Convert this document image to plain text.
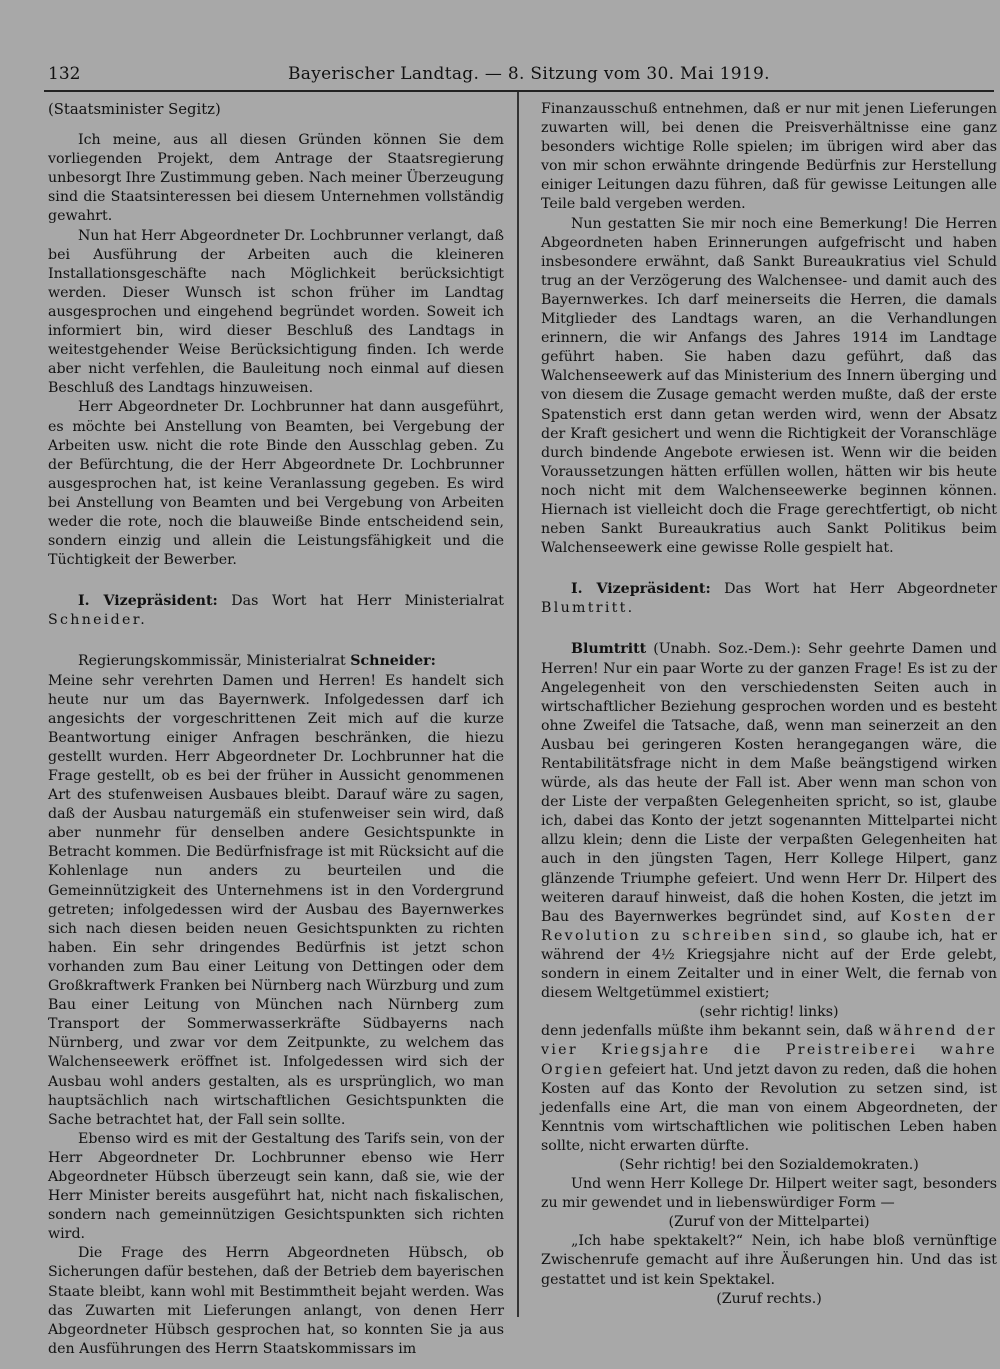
132	Bayerischer Landtag. — 8. Sitzung vom 30. Mai 1919.

(Staatsminister Segitz)

Ich meine, aus all diesen Gründen können Sie dem vorliegenden Projekt, dem Antrage der Staatsregierung unbesorgt Ihre Zustimmung geben. Nach meiner Überzeugung sind die Staatsinteressen bei diesem Unternehmen vollständig gewahrt.

Nun hat Herr Abgeordneter Dr. Lochbrunner verlangt, daß bei Ausführung der Arbeiten auch die kleineren Installationsgeschäfte nach Möglichkeit berücksichtigt werden. Dieser Wunsch ist schon früher im Landtag ausgesprochen und eingehend begründet worden. Soweit ich informiert bin, wird dieser Beschluß des Landtags in weitestgehender Weise Berücksichtigung finden. Ich werde aber nicht verfehlen, die Bauleitung noch einmal auf diesen Beschluß des Landtags hinzuweisen.

Herr Abgeordneter Dr. Lochbrunner hat dann ausgeführt, es möchte bei Anstellung von Beamten, bei Vergebung der Arbeiten usw. nicht die rote Binde den Ausschlag geben. Zu der Befürchtung, die der Herr Abgeordnete Dr. Lochbrunner ausgesprochen hat, ist keine Veranlassung gegeben. Es wird bei Anstellung von Beamten und bei Vergebung von Arbeiten weder die rote, noch die blauweiße Binde entscheidend sein, sondern einzig und allein die Leistungsfähigkeit und die Tüchtigkeit der Bewerber.

I. Vizepräsident: Das Wort hat Herr Ministerialrat Schneider.

Regierungskommissär, Ministerialrat Schneider:

Meine sehr verehrten Damen und Herren! Es handelt sich heute nur um das Bayernwerk. Infolgedessen darf ich angesichts der vorgeschrittenen Zeit mich auf die kurze Beantwortung einiger Anfragen beschränken, die hiezu gestellt wurden. Herr Abgeordneter Dr. Lochbrunner hat die Frage gestellt, ob es bei der früher in Aussicht genommenen Art des stufenweisen Ausbaues bleibt. Darauf wäre zu sagen, daß der Ausbau naturgemäß ein stufenweiser sein wird, daß aber nunmehr für denselben andere Gesichtspunkte in Betracht kommen. Die Bedürfnisfrage ist mit Rücksicht auf die Kohlenlage nun anders zu beurteilen und die Gemeinnützigkeit des Unternehmens ist in den Vordergrund getreten; infolgedessen wird der Ausbau des Bayernwerkes sich nach diesen beiden neuen Gesichtspunkten zu richten haben. Ein sehr dringendes Bedürfnis ist jetzt schon vorhanden zum Bau einer Leitung von Dettingen oder dem Großkraftwerk Franken bei Nürnberg nach Würzburg und zum Bau einer Leitung von München nach Nürnberg zum Transport der Sommerwasserkräfte Südbayerns nach Nürnberg, und zwar vor dem Zeitpunkte, zu welchem das Walchenseewerk eröffnet ist. Infolgedessen wird sich der Ausbau wohl anders gestalten, als es ursprünglich, wo man hauptsächlich nach wirtschaftlichen Gesichtspunkten die Sache betrachtet hat, der Fall sein sollte.

Ebenso wird es mit der Gestaltung des Tarifs sein, von der Herr Abgeordneter Dr. Lochbrunner ebenso wie Herr Abgeordneter Hübsch überzeugt sein kann, daß sie, wie der Herr Minister bereits ausgeführt hat, nicht nach fiskalischen, sondern nach gemeinnützigen Gesichtspunkten sich richten wird.

Die Frage des Herrn Abgeordneten Hübsch, ob Sicherungen dafür bestehen, daß der Betrieb dem bayerischen Staate bleibt, kann wohl mit Bestimmtheit bejaht werden. Was das Zuwarten mit Lieferungen anlangt, von denen Herr Abgeordneter Hübsch gesprochen hat, so konnten Sie ja aus den Ausführungen des Herrn Staatskommissars im

Finanzausschuß entnehmen, daß er nur mit jenen Lieferungen zuwarten will, bei denen die Preisverhältnisse eine ganz besonders wichtige Rolle spielen; im übrigen wird aber das von mir schon erwähnte dringende Bedürfnis zur Herstellung einiger Leitungen dazu führen, daß für gewisse Leitungen alle Teile bald vergeben werden.

Nun gestatten Sie mir noch eine Bemerkung! Die Herren Abgeordneten haben Erinnerungen aufgefrischt und haben insbesondere erwähnt, daß Sankt Bureaukratius viel Schuld trug an der Verzögerung des Walchensee- und damit auch des Bayernwerkes. Ich darf meinerseits die Herren, die damals Mitglieder des Landtags waren, an die Verhandlungen erinnern, die wir Anfangs des Jahres 1914 im Landtage geführt haben. Sie haben dazu geführt, daß das Walchenseewerk auf das Ministerium des Innern überging und von diesem die Zusage gemacht werden mußte, daß der erste Spatenstich erst dann getan werden wird, wenn der Absatz der Kraft gesichert und wenn die Richtigkeit der Voranschläge durch bindende Angebote erwiesen ist. Wenn wir die beiden Voraussetzungen hätten erfüllen wollen, hätten wir bis heute noch nicht mit dem Walchenseewerke beginnen können. Hiernach ist vielleicht doch die Frage gerechtfertigt, ob nicht neben Sankt Bureaukratius auch Sankt Politikus beim Walchenseewerk eine gewisse Rolle gespielt hat.

I. Vizepräsident: Das Wort hat Herr Abgeordneter Blumtritt.

Blumtritt (Unabh. Soz.-Dem.): Sehr geehrte Damen und Herren! Nur ein paar Worte zu der ganzen Frage! Es ist zu der Angelegenheit von den verschiedensten Seiten auch in wirtschaftlicher Beziehung gesprochen worden und es besteht ohne Zweifel die Tatsache, daß, wenn man seinerzeit an den Ausbau bei geringeren Kosten herangegangen wäre, die Rentabilitätsfrage nicht in dem Maße beängstigend wirken würde, als das heute der Fall ist. Aber wenn man schon von der Liste der verpaßten Gelegenheiten spricht, so ist, glaube ich, dabei das Konto der jetzt sogenannten Mittelpartei nicht allzu klein; denn die Liste der verpaßten Gelegenheiten hat auch in den jüngsten Tagen, Herr Kollege Hilpert, ganz glänzende Triumphe gefeiert. Und wenn Herr Dr. Hilpert des weiteren darauf hinweist, daß die hohen Kosten, die jetzt im Bau des Bayernwerkes begründet sind, auf Kosten der Revolution zu schreiben sind, so glaube ich, hat er während der 4½ Kriegsjahre nicht auf der Erde gelebt, sondern in einem Zeitalter und in einer Welt, die fernab von diesem Weltgetümmel existiert;

(sehr richtig! links)

denn jedenfalls müßte ihm bekannt sein, daß während der vier Kriegsjahre die Preistreiberei wahre Orgien gefeiert hat. Und jetzt davon zu reden, daß die hohen Kosten auf das Konto der Revolution zu setzen sind, ist jedenfalls eine Art, die man von einem Abgeordneten, der Kenntnis vom wirtschaftlichen wie politischen Leben haben sollte, nicht erwarten dürfte.

(Sehr richtig! bei den Sozialdemokraten.)

Und wenn Herr Kollege Dr. Hilpert weiter sagt, besonders zu mir gewendet und in liebenswürdiger Form —

(Zuruf von der Mittelpartei)

„Ich habe spektakelt?“ Nein, ich habe bloß vernünftige Zwischenrufe gemacht auf ihre Äußerungen hin. Und das ist gestattet und ist kein Spektakel.

(Zuruf rechts.)
